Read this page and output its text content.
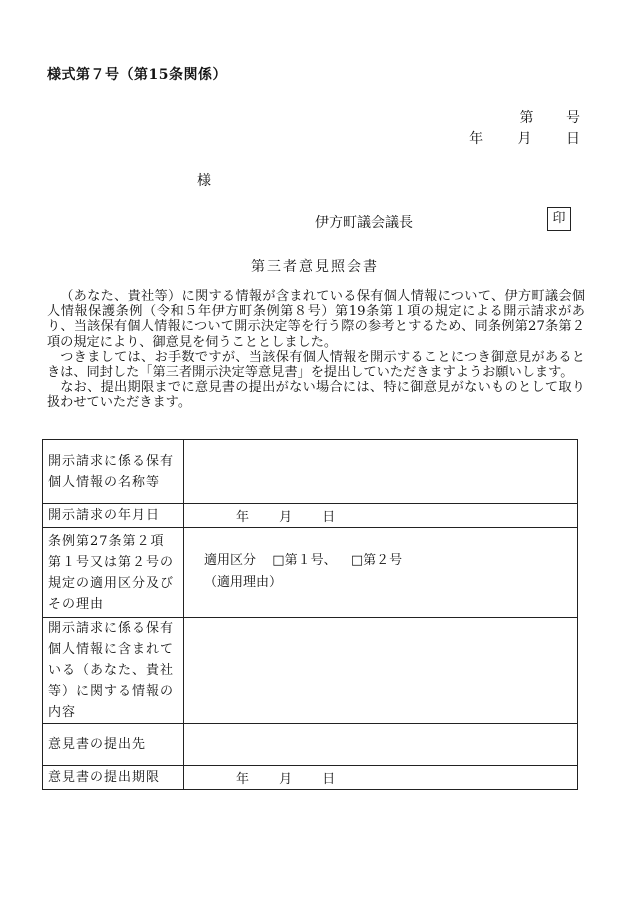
様式第７号（第15条関係）
第 号
年 月 日
様
伊方町議会議長	印
第三者意見照会書

（あなた、貴社等）に関する情報が含まれている保有個人情報について、伊方町議会個人情報保護条例（令和５年伊方町条例第８号）第19条第１項の規定による開示請求があり、当該保有個人情報について開示決定等を行う際の参考とするため、同条例第27条第２項の規定により、御意見を伺うこととしました。

つきましては、お手数ですが、当該保有個人情報を開示することにつき御意見があるときは、同封した「第三者開示決定等意見書」を提出していただきますようお願いします。

なお、提出期限までに意見書の提出がない場合には、特に御意見がないものとして取り扱わせていただきます。

開示請求に係る保有個人情報の名称等	
開示請求の年月日	年 月 日
条例第27条第２項第１号又は第２号の規定の適用区分及びその理由	適用区分 □第１号、 □第２号
（適用理由）

開示請求に係る保有個人情報に含まれている（あなた、貴社等）に関する情報の内容	
意見書の提出先	
意見書の提出期限	年 月 日
